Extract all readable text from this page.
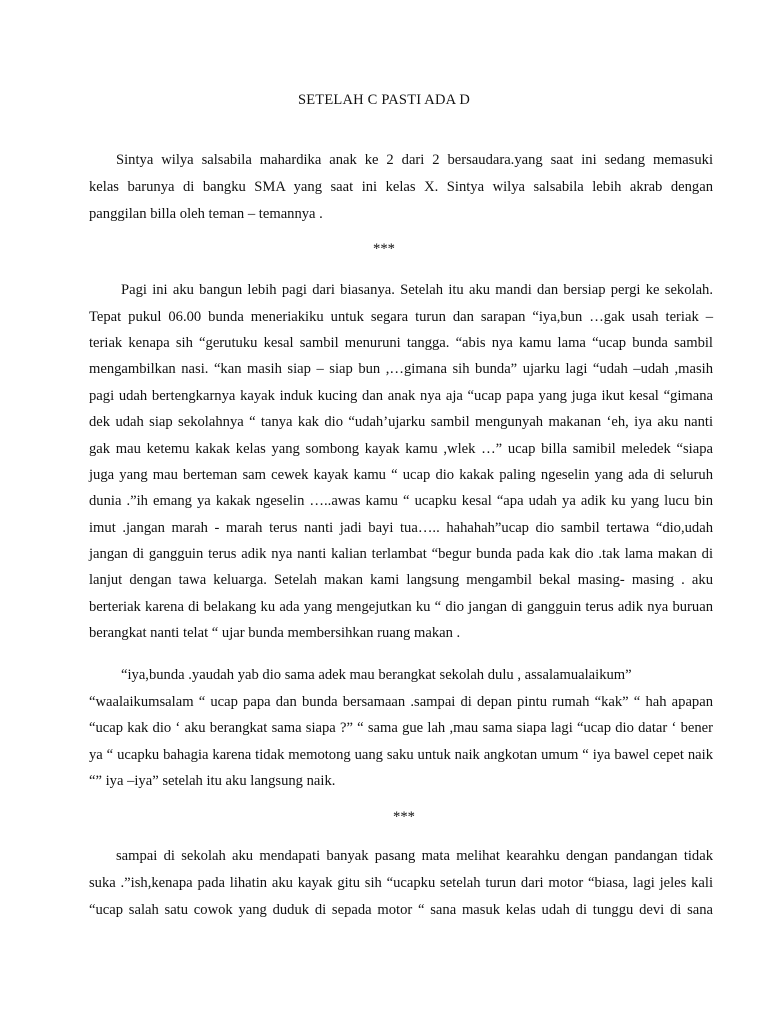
SETELAH C PASTI ADA D
Sintya wilya salsabila mahardika anak ke 2 dari 2 bersaudara.yang saat ini sedang memasuki
kelas barunya di bangku SMA yang saat ini kelas X. Sintya wilya salsabila lebih akrab dengan
panggilan billa oleh teman – temannya .
***
Pagi ini aku bangun lebih pagi dari biasanya. Setelah itu aku mandi dan bersiap pergi ke sekolah.
Tepat pukul 06.00 bunda meneriakiku untuk segara turun dan sarapan “iya,bun …gak usah teriak –
teriak kenapa sih “gerutuku kesal sambil menuruni tangga. “abis nya kamu lama “ucap bunda sambil
mengambilkan nasi. “kan masih siap – siap bun ,…gimana sih bunda” ujarku lagi “udah –udah ,masih
pagi udah bertengkarnya kayak induk kucing dan anak nya aja “ucap papa yang juga ikut kesal “gimana
dek udah siap sekolahnya “ tanya kak dio “udah’ujarku sambil mengunyah makanan ‘eh, iya aku nanti
gak mau ketemu kakak kelas yang sombong kayak kamu ,wlek …” ucap billa samibil meledek “siapa
juga yang mau berteman sam cewek kayak kamu “ ucap dio kakak paling ngeselin yang ada di seluruh
dunia .”ih emang ya kakak ngeselin …..awas kamu “ ucapku kesal “apa udah ya adik ku yang lucu bin
imut .jangan marah - marah terus nanti jadi bayi tua….. hahahah”ucap dio sambil tertawa “dio,udah
jangan di gangguin terus adik nya nanti kalian terlambat “begur bunda pada kak dio .tak lama makan di
lanjut dengan tawa keluarga. Setelah makan kami langsung mengambil bekal masing- masing . aku
berteriak karena di belakang ku ada yang mengejutkan ku “ dio jangan di gangguin terus adik nya buruan
berangkat nanti telat “ ujar bunda membersihkan ruang makan .
“iya,bunda .yaudah yab dio sama adek mau berangkat sekolah dulu , assalamualaikum”
“waalaikumsalam “ ucap papa dan bunda bersamaan .sampai di depan pintu rumah “kak” “ hah apapan
“ucap kak dio ‘ aku berangkat sama siapa ?” “ sama gue lah ,mau sama siapa lagi “ucap dio datar ‘ bener
ya “ ucapku bahagia karena tidak memotong uang saku untuk naik angkotan umum “ iya bawel cepet naik
“” iya –iya” setelah itu aku langsung naik.
***
sampai di sekolah aku mendapati banyak pasang mata melihat kearahku dengan pandangan tidak
suka .”ish,kenapa pada lihatin aku kayak gitu sih “ucapku setelah turun dari motor “biasa, lagi jeles kali
“ucap salah satu cowok yang duduk di sepada motor “ sana masuk kelas udah di tunggu devi di sana
